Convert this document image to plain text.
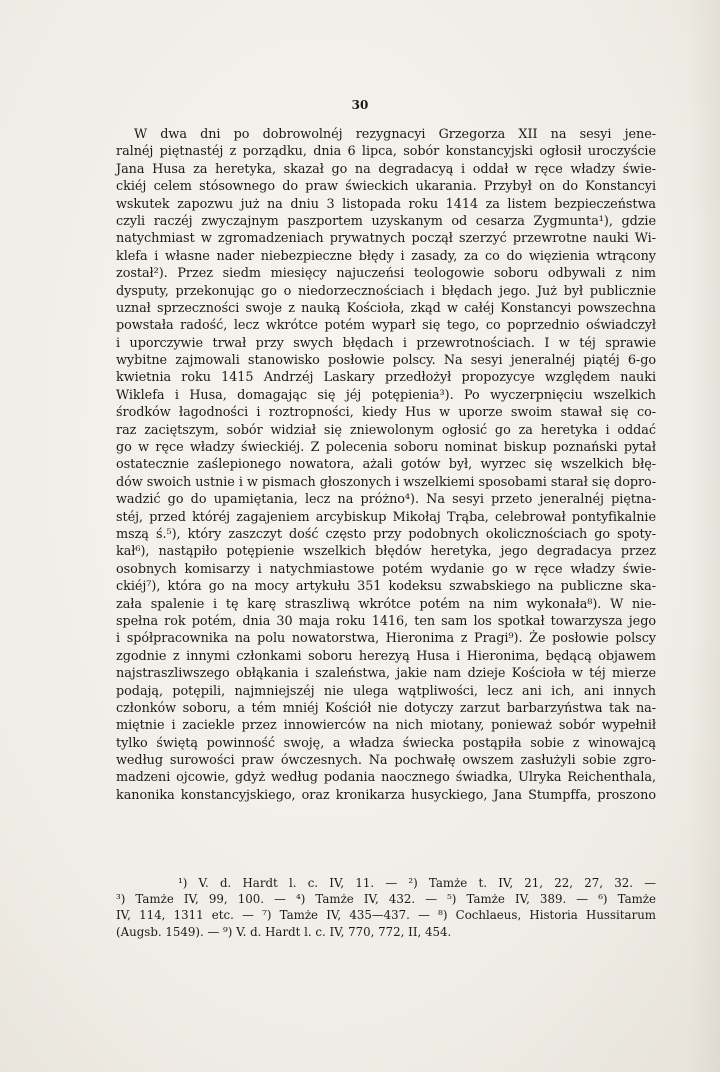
30
W dwa dni po dobrowolnéj rezygnacyi Grzegorza XII na sesyi jene-
ralnéj piętnastéj z porządku, dnia 6 lipca, sobór konstancyjski ogłosił uroczyście
Jana Husa za heretyka, skazał go na degradacyą i oddał w ręce władzy świe-
ckiéj celem stósownego do praw świeckich ukarania. Przybył on do Konstancyi
wskutek zapozwu już na dniu 3 listopada roku 1414 za listem bezpieczeństwa
czyli raczéj zwyczajnym paszportem uzyskanym od cesarza Zygmunta¹), gdzie
natychmiast w zgromadzeniach prywatnych począł szerzyć przewrotne nauki Wi-
klefa i własne nader niebezpieczne błędy i zasady, za co do więzienia wtrącony
został²). Przez siedm miesięcy najuczeńsi teologowie soboru odbywali z nim
dysputy, przekonując go o niedorzecznościach i błędach jego. Już był publicznie
uznał sprzeczności swoje z nauką Kościoła, zkąd w całéj Konstancyi powszechna
powstała radość, lecz wkrótce potém wyparł się tego, co poprzednio oświadczył
i uporczywie trwał przy swych błędach i przewrotnościach. I w téj sprawie
wybitne zajmowali stanowisko posłowie polscy. Na sesyi jeneralnéj piątéj 6-go
kwietnia roku 1415 Andrzéj Laskary przedłożył propozycye względem nauki
Wiklefa i Husa, domagając się jéj potępienia³). Po wyczerpnięciu wszelkich
środków łagodności i roztropności, kiedy Hus w uporze swoim stawał się co-
raz zaciętszym, sobór widział się zniewolonym ogłosić go za heretyka i oddać
go w ręce władzy świeckiéj. Z polecenia soboru nominat biskup poznański pytał
ostatecznie zaślepionego nowatora, ażali gotów był, wyrzec się wszelkich błę-
dów swoich ustnie i w pismach głoszonych i wszelkiemi sposobami starał się dopro-
wadzić go do upamiętania, lecz na próżno⁴). Na sesyi przeto jeneralnéj piętna-
stéj, przed któréj zagajeniem arcybiskup Mikołaj Trąba, celebrował pontyfikalnie
mszą ś.⁵), który zaszczyt dość często przy podobnych okolicznościach go spoty-
kał⁶), nastąpiło potępienie wszelkich błędów heretyka, jego degradacya przez
osobnych komisarzy i natychmiastowe potém wydanie go w ręce władzy świe-
ckiéj⁷), która go na mocy artykułu 351 kodeksu szwabskiego na publiczne ska-
zała spalenie i tę karę straszliwą wkrótce potém na nim wykonała⁸). W nie-
spełna rok potém, dnia 30 maja roku 1416, ten sam los spotkał towarzysza jego
i spółpracownika na polu nowatorstwa, Hieronima z Pragi⁹). Że posłowie polscy
zgodnie z innymi członkami soboru herezyą Husa i Hieronima, będącą objawem
najstraszliwszego obłąkania i szaleństwa, jakie nam dzieje Kościoła w téj mierze
podają, potępili, najmniejszéj nie ulega wątpliwości, lecz ani ich, ani innych
członków soboru, a tém mniéj Kościół nie dotyczy zarzut barbarzyństwa tak na-
miętnie i zaciekle przez innowierców na nich miotany, ponieważ sobór wypełnił
tylko świętą powinność swoję, a władza świecka postąpiła sobie z winowajcą
według surowości praw ówczesnych. Na pochwałę owszem zasłużyli sobie zgro-
madzeni ojcowie, gdyż według podania naocznego świadka, Ulryka Reichenthala,
kanonika konstancyjskiego, oraz kronikarza husyckiego, Jana Stumpffa, proszono
¹) V. d. Hardt l. c. IV, 11. — ²) Tamże t. IV, 21, 22, 27, 32. —
³) Tamże IV, 99, 100. — ⁴) Tamże IV, 432. — ⁵) Tamże IV, 389. — ⁶) Tamże
IV, 114, 1311 etc. — ⁷) Tamże IV, 435—437. — ⁸) Cochlaeus, Historia Hussitarum
(Augsb. 1549). — ⁹) V. d. Hardt l. c. IV, 770, 772, II, 454.
